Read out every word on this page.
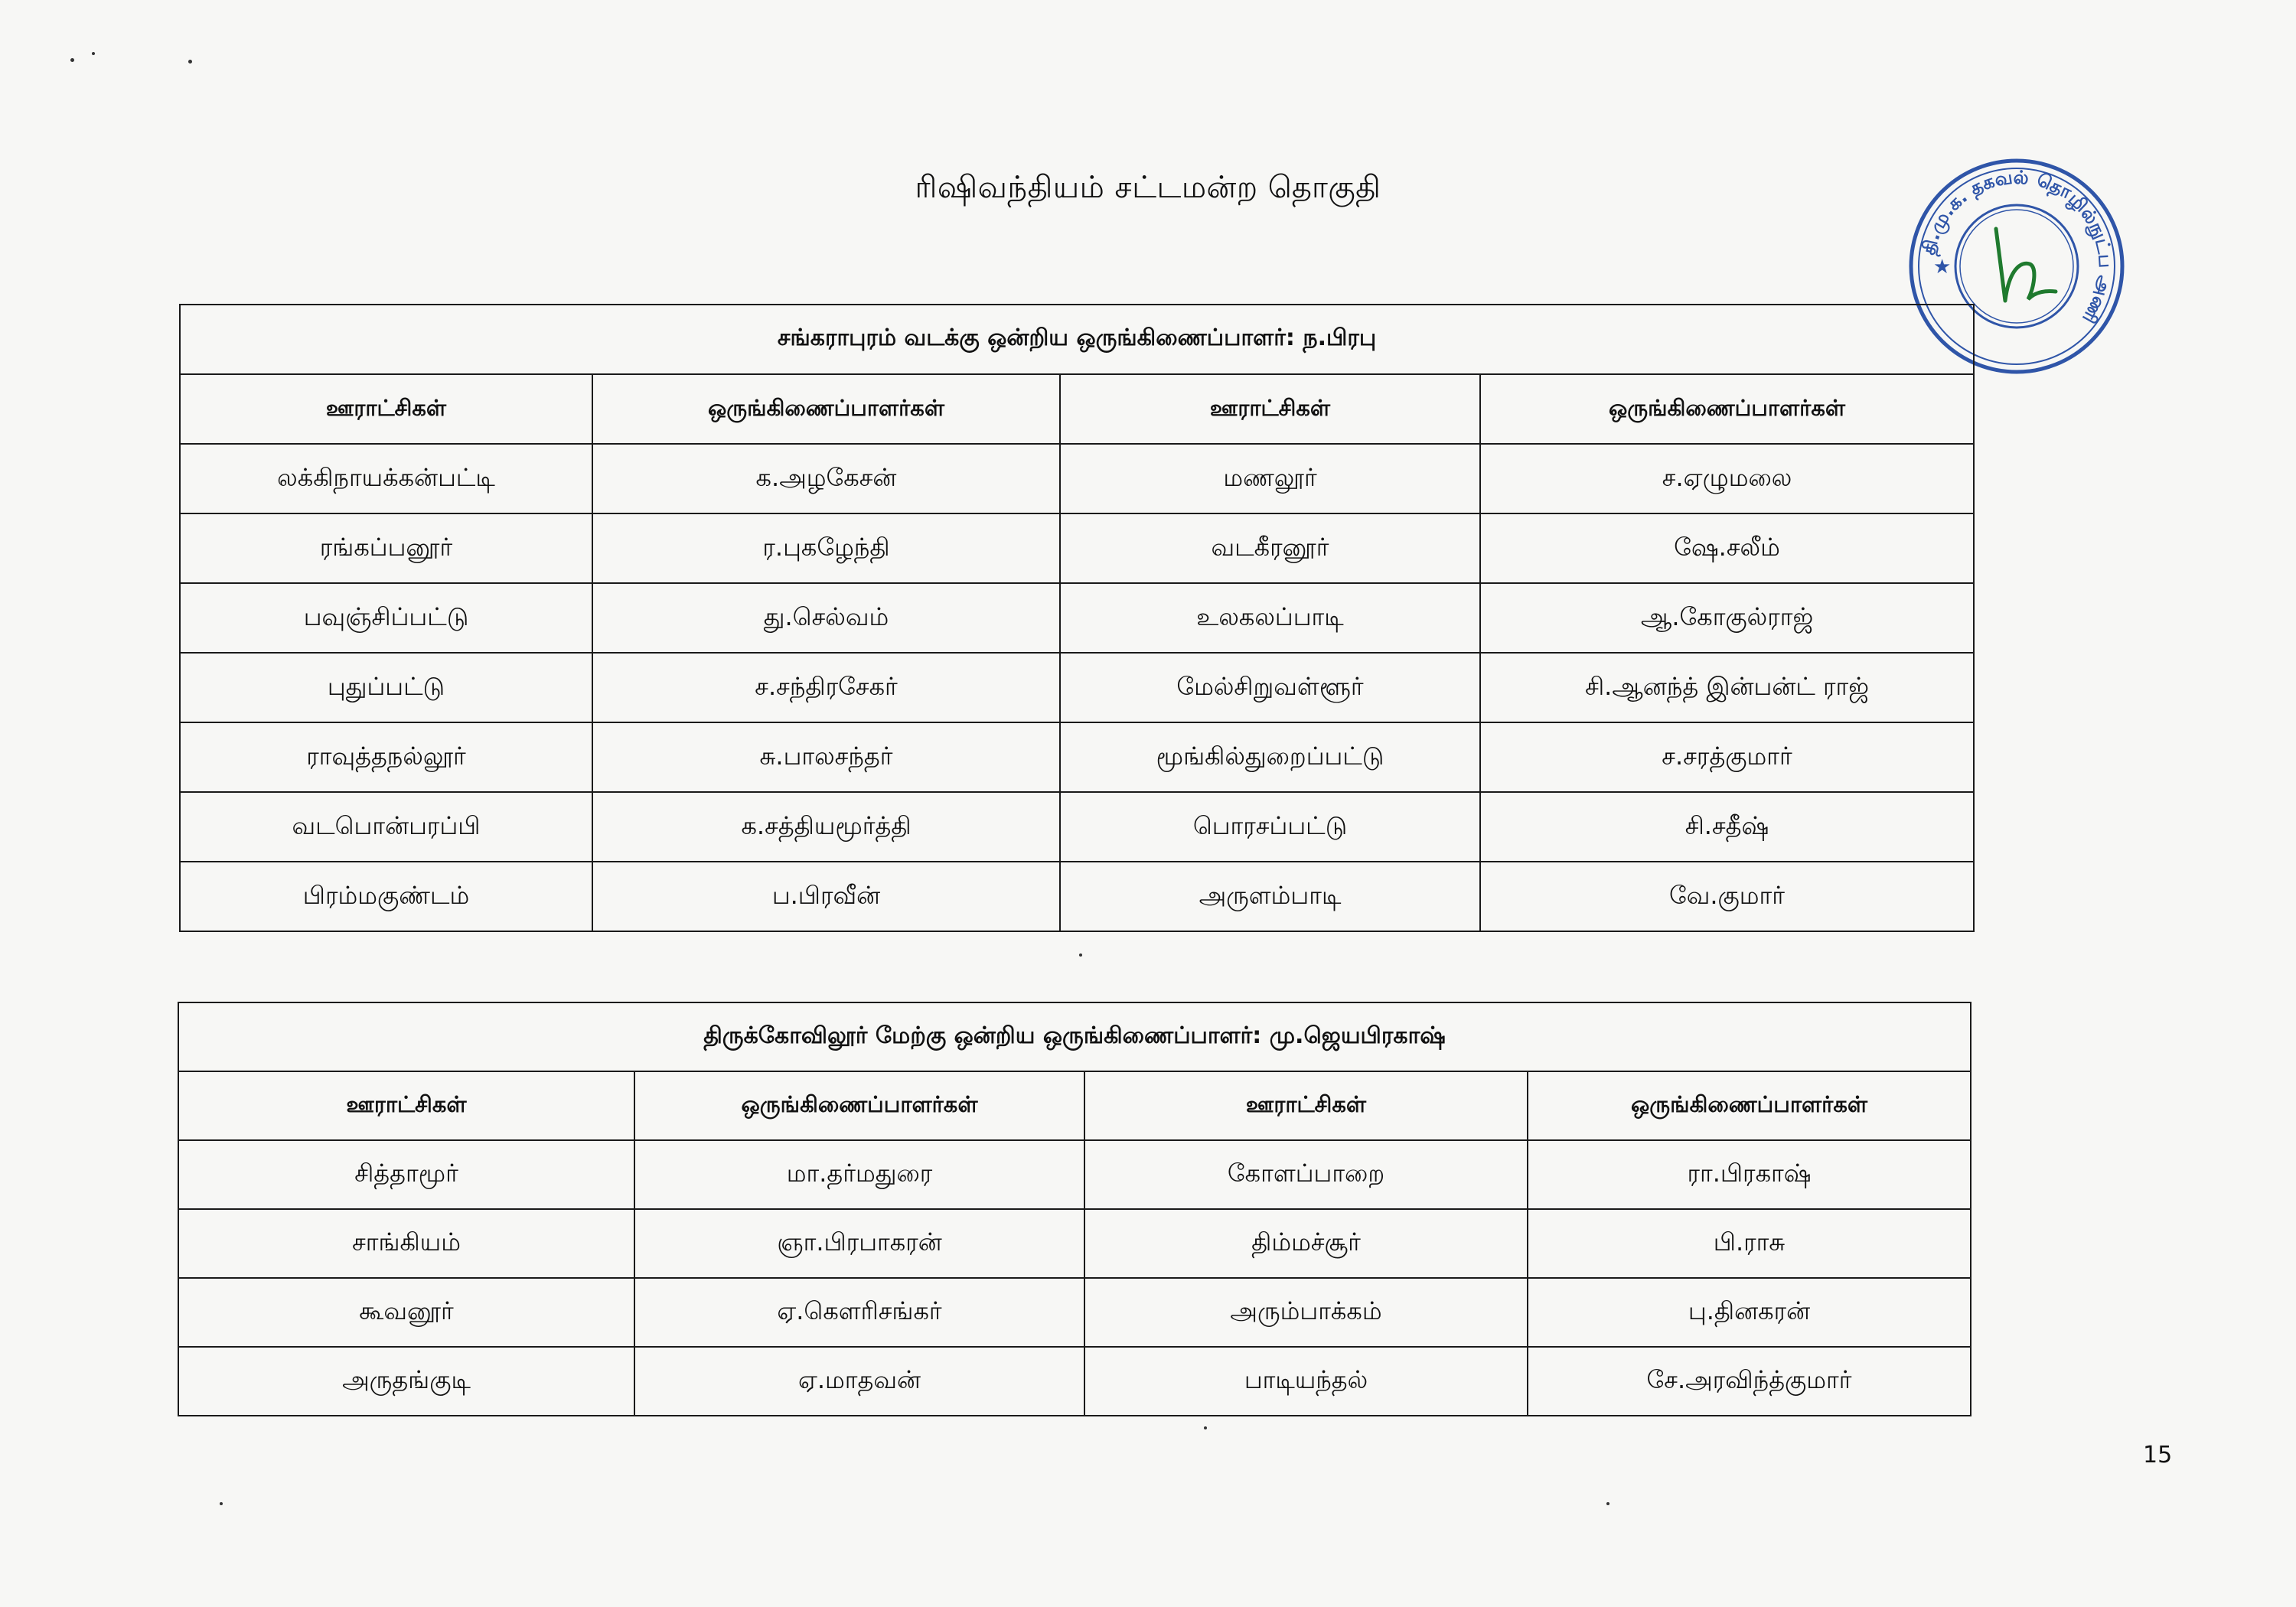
ரிஷிவந்தியம் சட்டமன்ற தொகுதி
தி.மு.க. தகவல் தொழில்நுட்ப அணி
★
சங்கராபுரம் வடக்கு ஒன்றிய ஒருங்கிணைப்பாளர்: ந.பிரபு			
ஊராட்சிகள்	ஒருங்கிணைப்பாளர்கள்	ஊராட்சிகள்	ஒருங்கிணைப்பாளர்கள்
லக்கிநாயக்கன்பட்டி	க.அழகேசன்	மணலூர்	ச.ஏழுமலை
ரங்கப்பனூர்	ர.புகழேந்தி	வடகீரனூர்	ஷே.சலீம்
பவுஞ்சிப்பட்டு	து.செல்வம்	உலகலப்பாடி	ஆ.கோகுல்ராஜ்
புதுப்பட்டு	ச.சந்திரசேகர்	மேல்சிறுவள்ளூர்	சி.ஆனந்த் இன்பன்ட் ராஜ்
ராவுத்தநல்லூர்	சு.பாலசந்தர்	மூங்கில்துறைப்பட்டு	ச.சரத்குமார்
வடபொன்பரப்பி	க.சத்தியமூர்த்தி	பொரசப்பட்டு	சி.சதீஷ்
பிரம்மகுண்டம்	ப.பிரவீன்	அருளம்பாடி	வே.குமார்
திருக்கோவிலூர் மேற்கு ஒன்றிய ஒருங்கிணைப்பாளர்: மு.ஜெயபிரகாஷ்			
ஊராட்சிகள்	ஒருங்கிணைப்பாளர்கள்	ஊராட்சிகள்	ஒருங்கிணைப்பாளர்கள்
சித்தாமூர்	மா.தர்மதுரை	கோளப்பாறை	ரா.பிரகாஷ்
சாங்கியம்	ஞா.பிரபாகரன்	திம்மச்சூர்	பி.ராசு
கூவனூர்	ஏ.கௌரிசங்கர்	அரும்பாக்கம்	பு.தினகரன்
அருதங்குடி	ஏ.மாதவன்	பாடியந்தல்	சே.அரவிந்த்குமார்
15
